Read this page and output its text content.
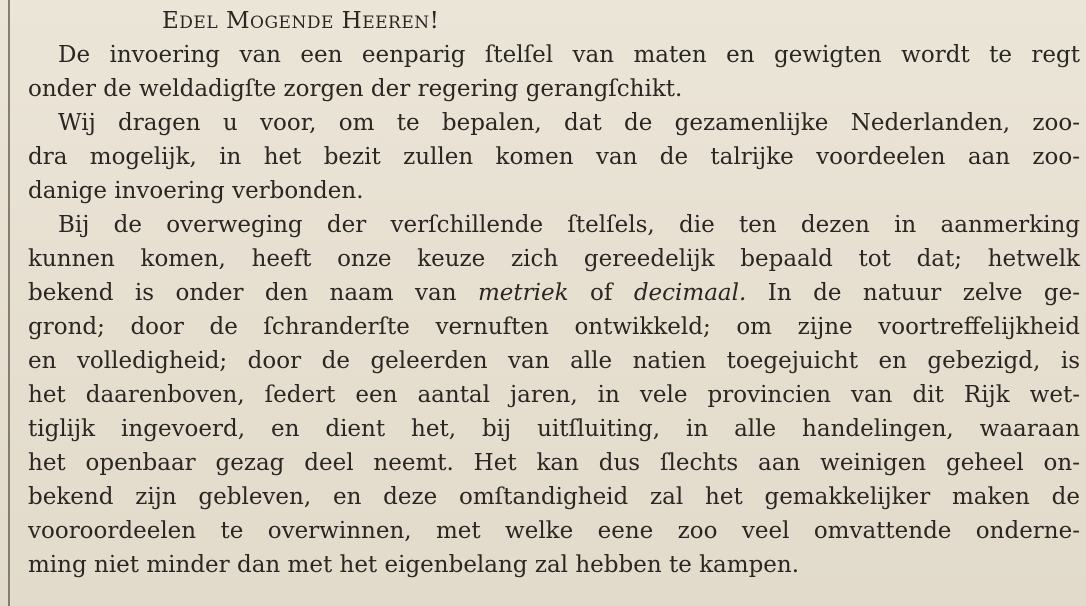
EDEL MOGENDE HEEREN!
De invoering van een eenparig ſtelſel van maten en gewigten wordt te regt
onder de weldadigſte zorgen der regering gerangſchikt.
Wij dragen u voor, om te bepalen, dat de gezamenlijke Nederlanden, zoo-
dra mogelijk, in het bezit zullen komen van de talrijke voordeelen aan zoo-
danige invoering verbonden.
Bij de overweging der verſchillende ſtelſels, die ten dezen in aanmerking
kunnen komen, heeft onze keuze zich gereedelijk bepaald tot dat; hetwelk
bekend is onder den naam van metriek of decimaal. In de natuur zelve ge-
grond; door de ſchranderſte vernuften ontwikkeld; om zijne voortreffelijkheid
en volledigheid; door de geleerden van alle natien toegejuicht en gebezigd, is
het daarenboven, ſedert een aantal jaren, in vele provincien van dit Rijk wet-
tiglijk ingevoerd, en dient het, bij uitſluiting, in alle handelingen, waaraan
het openbaar gezag deel neemt. Het kan dus ſlechts aan weinigen geheel on-
bekend zijn gebleven, en deze omſtandigheid zal het gemakkelijker maken de
vooroordeelen te overwinnen, met welke eene zoo veel omvattende onderne-
ming niet minder dan met het eigenbelang zal hebben te kampen.
